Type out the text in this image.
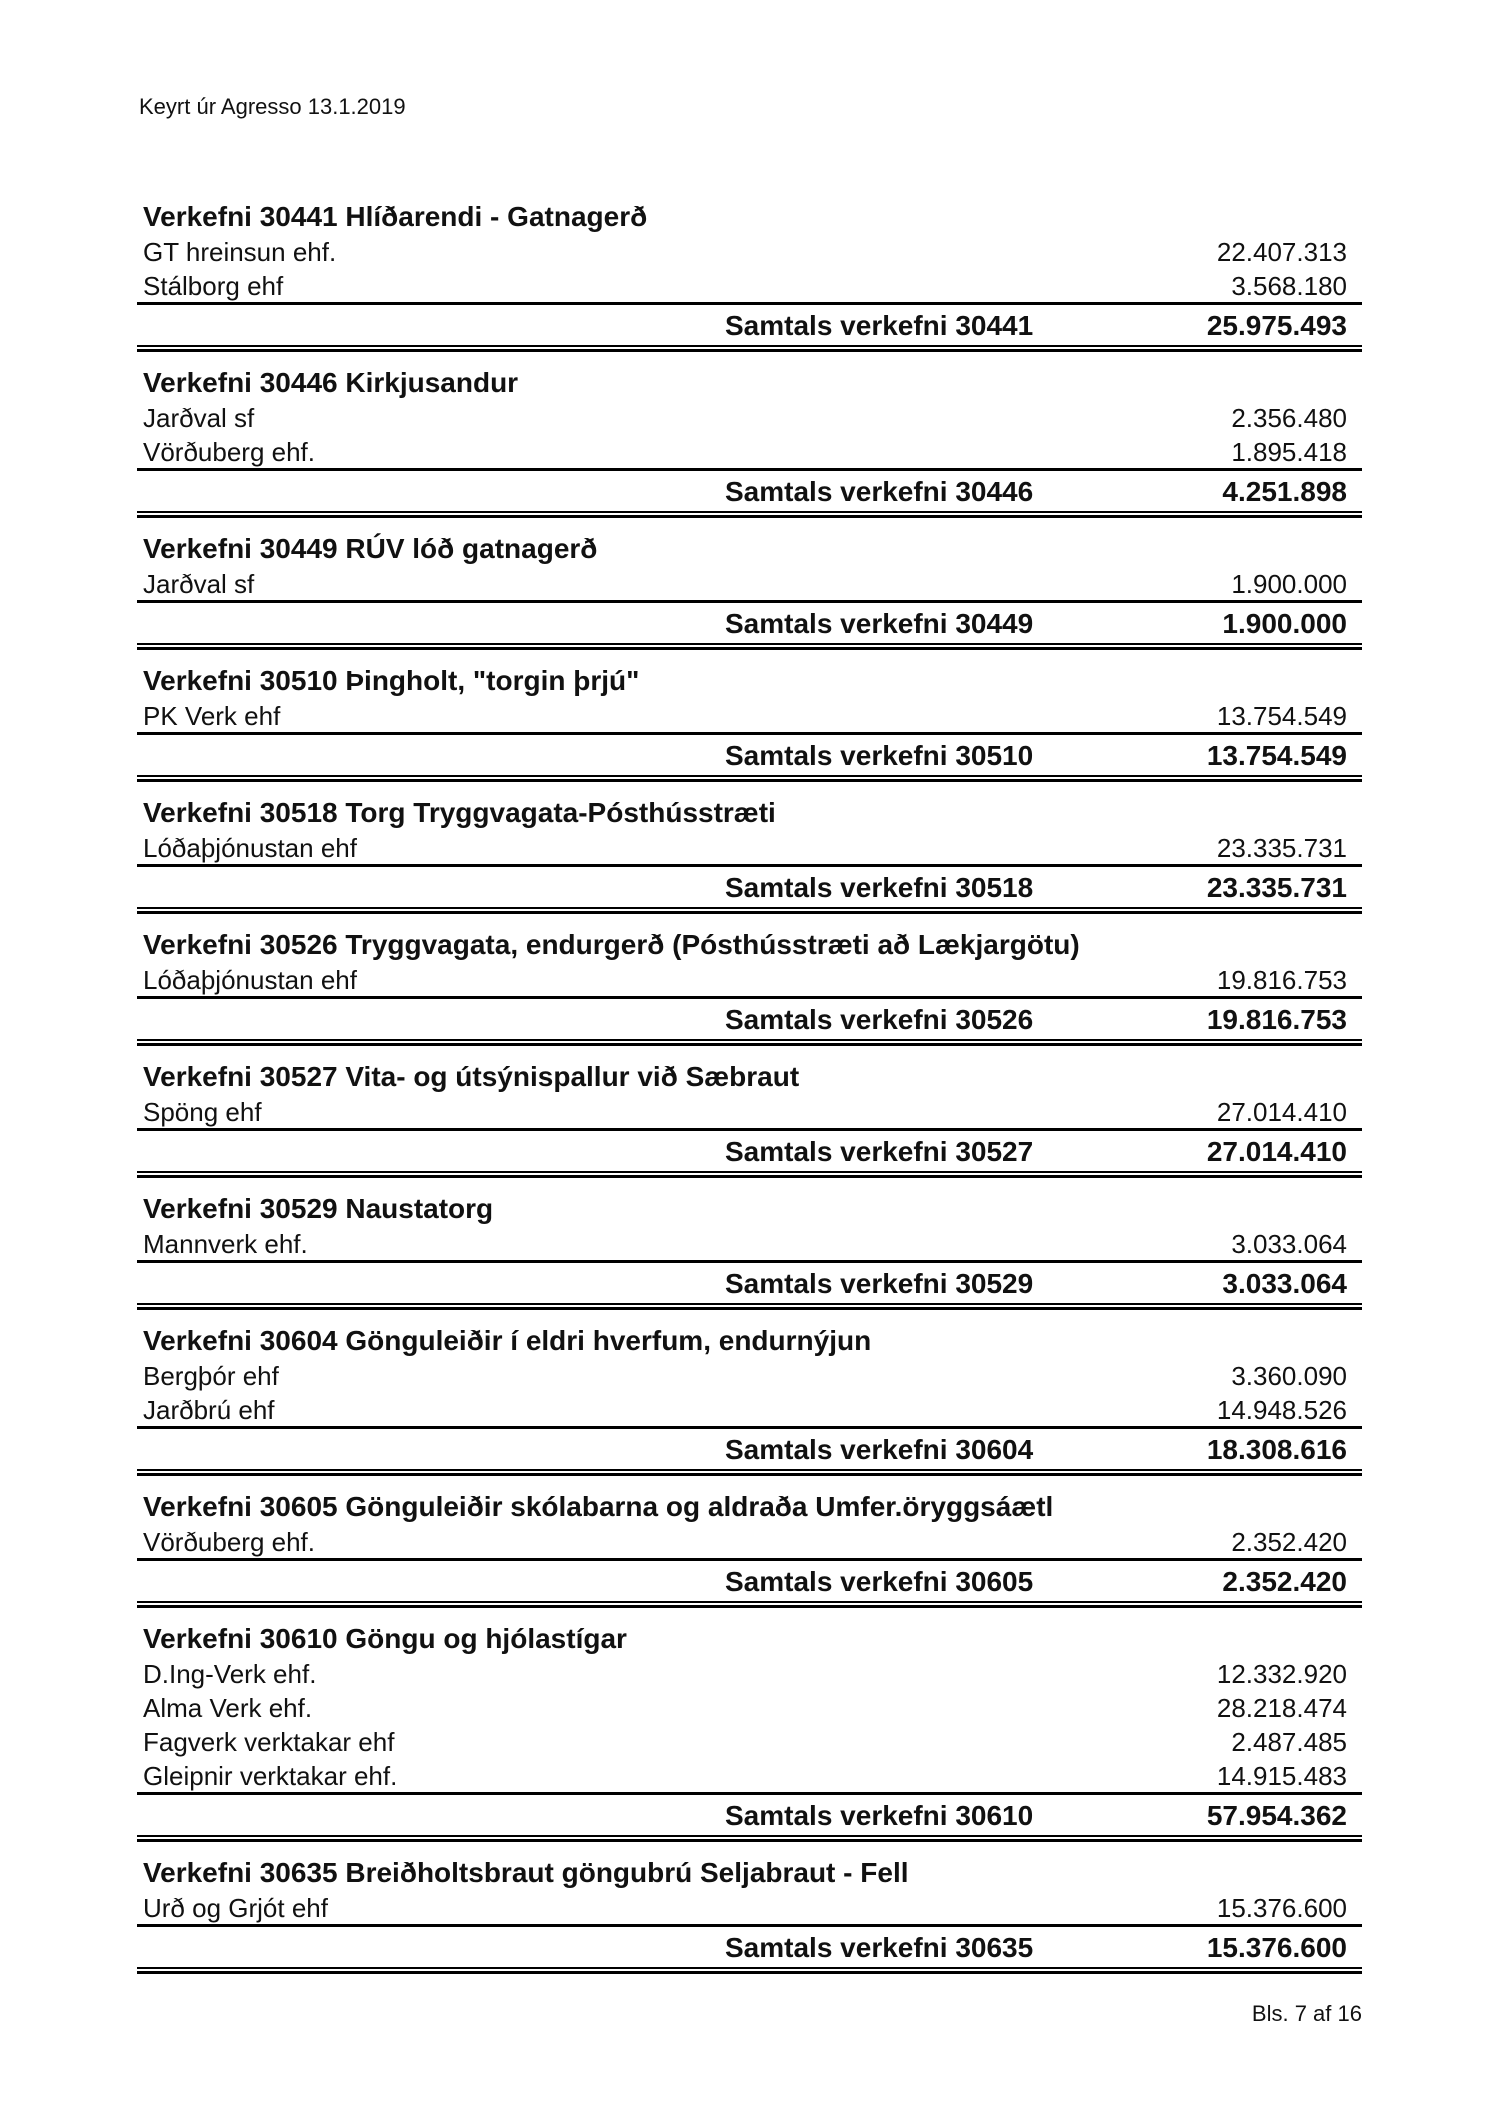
Keyrt úr Agresso 13.1.2019
Verkefni 30441 Hlíðarendi - Gatnagerð
GT hreinsun ehf.	22.407.313
Stálborg ehf	3.568.180
Samtals verkefni 30441	25.975.493
Verkefni 30446 Kirkjusandur
Jarðval sf	2.356.480
Vörðuberg ehf.	1.895.418
Samtals verkefni 30446	4.251.898
Verkefni 30449 RÚV lóð gatnagerð
Jarðval sf	1.900.000
Samtals verkefni 30449	1.900.000
Verkefni 30510 Þingholt, "torgin þrjú"
PK Verk ehf	13.754.549
Samtals verkefni 30510	13.754.549
Verkefni 30518 Torg Tryggvagata-Pósthússtræti
Lóðaþjónustan ehf	23.335.731
Samtals verkefni 30518	23.335.731
Verkefni 30526 Tryggvagata, endurgerð (Pósthússtræti að Lækjargötu)
Lóðaþjónustan ehf	19.816.753
Samtals verkefni 30526	19.816.753
Verkefni 30527 Vita- og útsýnispallur við Sæbraut
Spöng ehf	27.014.410
Samtals verkefni 30527	27.014.410
Verkefni 30529 Naustatorg
Mannverk ehf.	3.033.064
Samtals verkefni 30529	3.033.064
Verkefni 30604 Gönguleiðir í eldri hverfum, endurnýjun
Bergþór ehf	3.360.090
Jarðbrú ehf	14.948.526
Samtals verkefni 30604	18.308.616
Verkefni 30605 Gönguleiðir skólabarna og aldraða Umfer.öryggsáætl
Vörðuberg ehf.	2.352.420
Samtals verkefni 30605	2.352.420
Verkefni 30610 Göngu og hjólastígar
D.Ing-Verk ehf.	12.332.920
Alma Verk ehf.	28.218.474
Fagverk verktakar ehf	2.487.485
Gleipnir verktakar ehf.	14.915.483
Samtals verkefni 30610	57.954.362
Verkefni 30635 Breiðholtsbraut göngubrú Seljabraut - Fell
Urð og Grjót ehf	15.376.600
Samtals verkefni 30635	15.376.600
Bls. 7 af 16
